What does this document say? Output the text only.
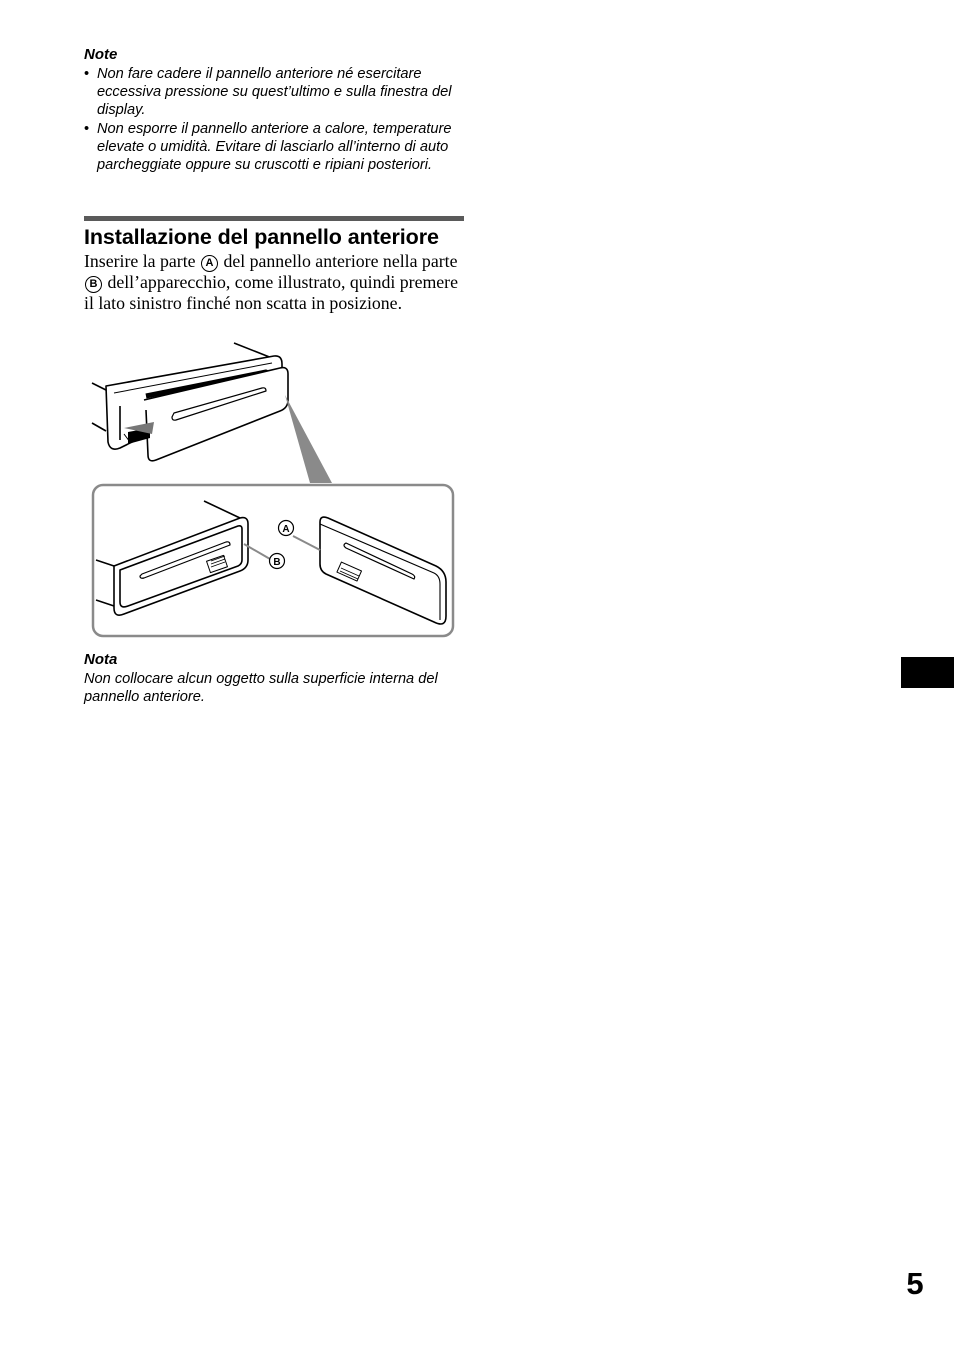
Note
• Non fare cadere il pannello anteriore né esercitare eccessiva pressione su quest’ultimo e sulla finestra del display.
• Non esporre il pannello anteriore a calore, temperature elevate o umidità. Evitare di lasciarlo all’interno di auto parcheggiate oppure su cruscotti e ripiani posteriori.
Installazione del pannello anteriore

Inserire la parte A del pannello anteriore nella parte B dell’apparecchio, come illustrato, quindi premere il lato sinistro finché non scatta in posizione.

A
B
Nota

Non collocare alcun oggetto sulla superficie interna del pannello anteriore.

5
